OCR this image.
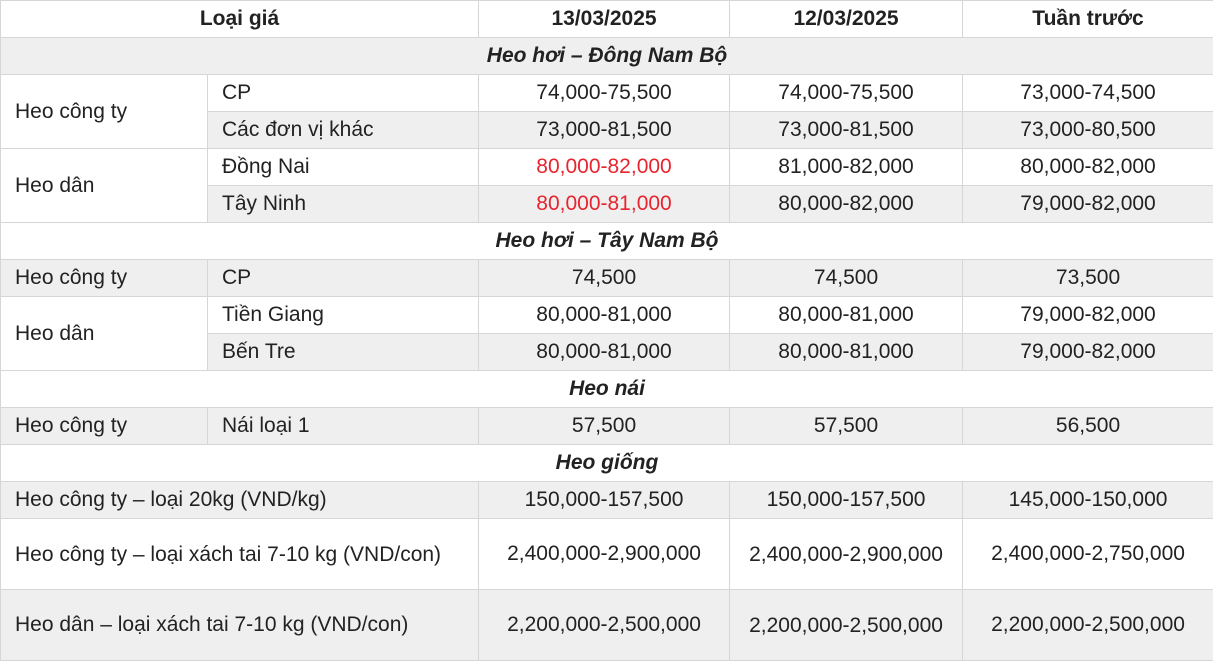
Loại giá		13/03/2025	12/03/2025	Tuần trước
Heo hơi – Đông Nam Bộ				
Heo công ty	CP	74,000-75,500	74,000-75,500	73,000-74,500
	Các đơn vị khác	73,000-81,500	73,000-81,500	73,000-80,500
Heo dân	Đồng Nai	80,000-82,000	81,000-82,000	80,000-82,000
	Tây Ninh	80,000-81,000	80,000-82,000	79,000-82,000
Heo hơi – Tây Nam Bộ				
Heo công ty	CP	74,500	74,500	73,500
Heo dân	Tiền Giang	80,000-81,000	80,000-81,000	79,000-82,000
	Bến Tre	80,000-81,000	80,000-81,000	79,000-82,000
Heo nái				
Heo công ty	Nái loại 1	57,500	57,500	56,500
Heo giống				
Heo công ty – loại 20kg (VND/kg)		150,000-157,500	150,000-157,500	145,000-150,000
Heo công ty – loại xách tai 7-10 kg (VND/con)		2,400,000-2,900,000	2,400,000-2,900,000	2,400,000-2,750,000
Heo dân – loại xách tai 7-10 kg (VND/con)		2,200,000-2,500,000	2,200,000-2,500,000	2,200,000-2,500,000
